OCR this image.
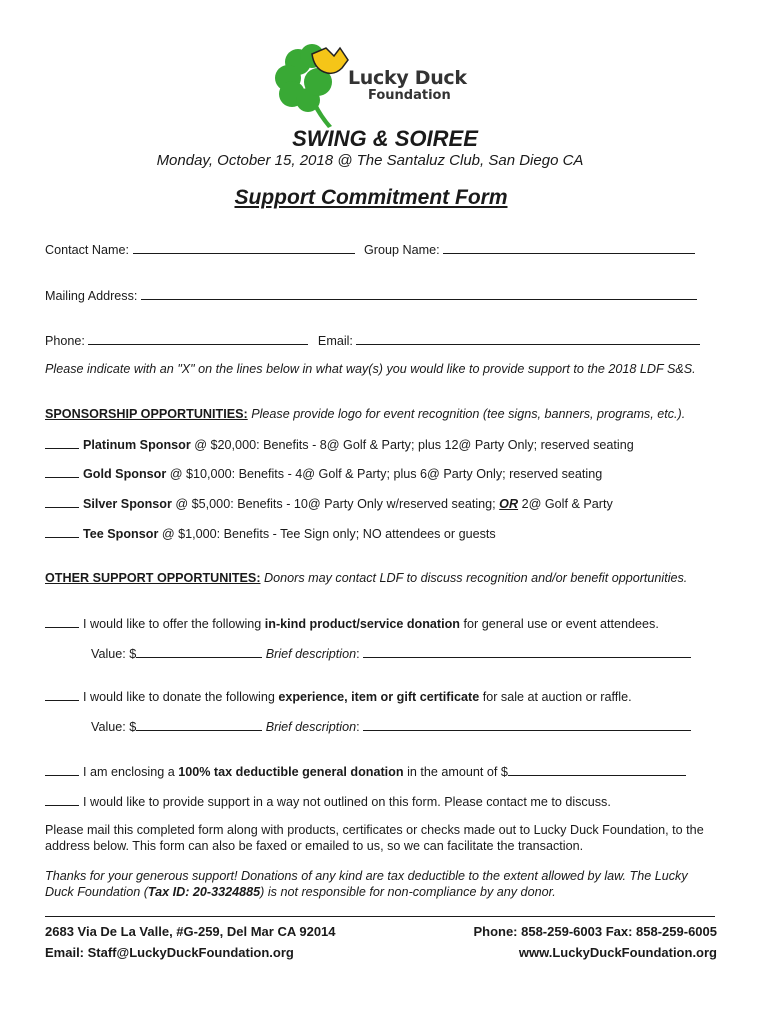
Lucky Duck
Foundation
SWING & SOIREE
Monday, October 15, 2018 @ The Santaluz Club, San Diego CA
Support Commitment Form
Contact Name:	Group Name:
Mailing Address:
Phone:	Email:
Please indicate with an "X" on the lines below in what way(s) you would like to provide support to the 2018 LDF S&S.
SPONSORSHIP OPPORTUNITIES: Please provide logo for event recognition (tee signs, banners, programs, etc.).
Platinum Sponsor @ $20,000: Benefits - 8@ Golf & Party; plus 12@ Party Only; reserved seating
Gold Sponsor @ $10,000: Benefits - 4@ Golf & Party; plus 6@ Party Only; reserved seating
Silver Sponsor @ $5,000: Benefits - 10@ Party Only w/reserved seating; OR 2@ Golf & Party
Tee Sponsor @ $1,000: Benefits - Tee Sign only; NO attendees or guests
OTHER SUPPORT OPPORTUNITES: Donors may contact LDF to discuss recognition and/or benefit opportunities.
I would like to offer the following in-kind product/service donation for general use or event attendees.
Value: $	Brief description:
I would like to donate the following experience, item or gift certificate for sale at auction or raffle.
Value: $	Brief description:
I am enclosing a 100% tax deductible general donation in the amount of $
I would like to provide support in a way not outlined on this form. Please contact me to discuss.
Please mail this completed form along with products, certificates or checks made out to Lucky Duck Foundation, to the address below. This form can also be faxed or emailed to us, so we can facilitate the transaction.
Thanks for your generous support! Donations of any kind are tax deductible to the extent allowed by law. The Lucky Duck Foundation (Tax ID: 20-3324885) is not responsible for non-compliance by any donor.
2683 Via De La Valle, #G-259, Del Mar CA 92014	Phone: 858-259-6003 Fax: 858-259-6005
Email: Staff@LuckyDuckFoundation.org	www.LuckyDuckFoundation.org
